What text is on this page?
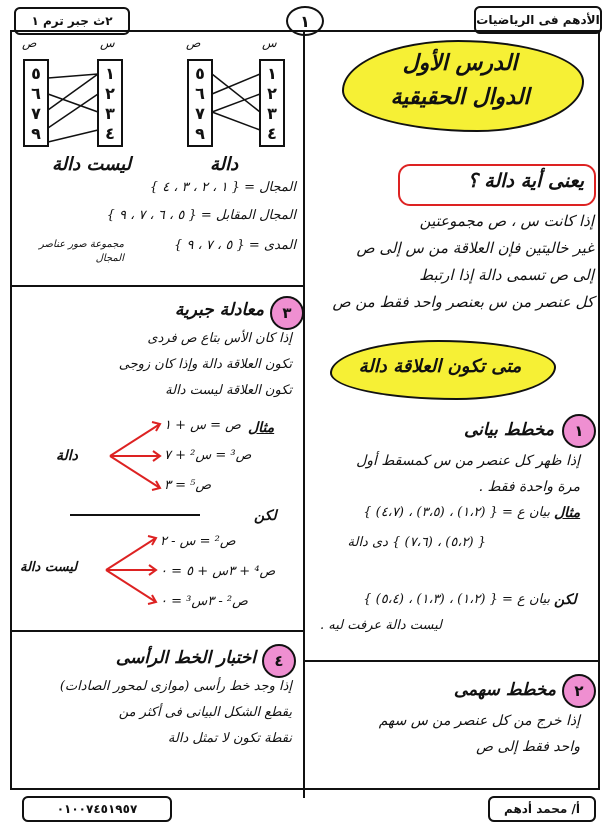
٢ث جبر ترم ١	١	الأدهم فى الرياضيات
الدرس الأول
الدوال الحقيقية
يعنى أية دالة ؟
إذا كانت س ، ص مجموعتين
غير خاليتين فإن العلاقة من س إلى ص
إلى ص تسمى دالة إذا ارتبط
كل عنصر من س بعنصر واحد فقط من ص
متى تكون العلاقة دالة
١
مخطط بيانى
إذا ظهر كل عنصر من س كمسقط أول
مرة واحدة فقط .
مثال
بيان ع = { (١،٢) ، (٣،٥) ، (٤،٧) }
{ (٥،٢) ، (٧،٦) } دى دالة
لكن
بيان ع = { (١،٢) ، (١،٣) ، (٥،٤) }
ليست دالة عرفت ليه .
٢
مخطط سهمى
إذا خرج من كل عنصر من س سهم
واحد فقط إلى ص
ص	س
٥
٦
٧
٩
١
٢
٣
٤
ص	س
٥
٦
٧
٩
١
٢
٣
٤
ليست دالة	دالة
المجال = { ١ ، ٢ ، ٣ ، ٤ }
المجال المقابل = { ٥ ، ٦ ، ٧ ، ٩ }
المدى = { ٥ ، ٧ ، ٩ }
مجموعة صور عناصر المجال
٣
معادلة جبرية
إذا كان الأس بتاع ص فردى
تكون العلاقة دالة وإذا كان زوجى
تكون العلاقة ليست دالة
مثال
دالة
ص = س + ١
ص³ = س² + ٧
ص⁵ = ٣
لكن
ليست دالة
ص² = س - ٢
ص⁴ + ٣س + ٥ = ٠
ص² - ٣س³ = ٠
٤
اختبار الخط الرأسى
إذا وجد خط رأسى (موازى لمحور الصادات)
يقطع الشكل البيانى فى أكثر من
نقطة تكون لا تمثل دالة
٠١٠٠٧٤٥١٩٥٧	أ/ محمد أدهم
